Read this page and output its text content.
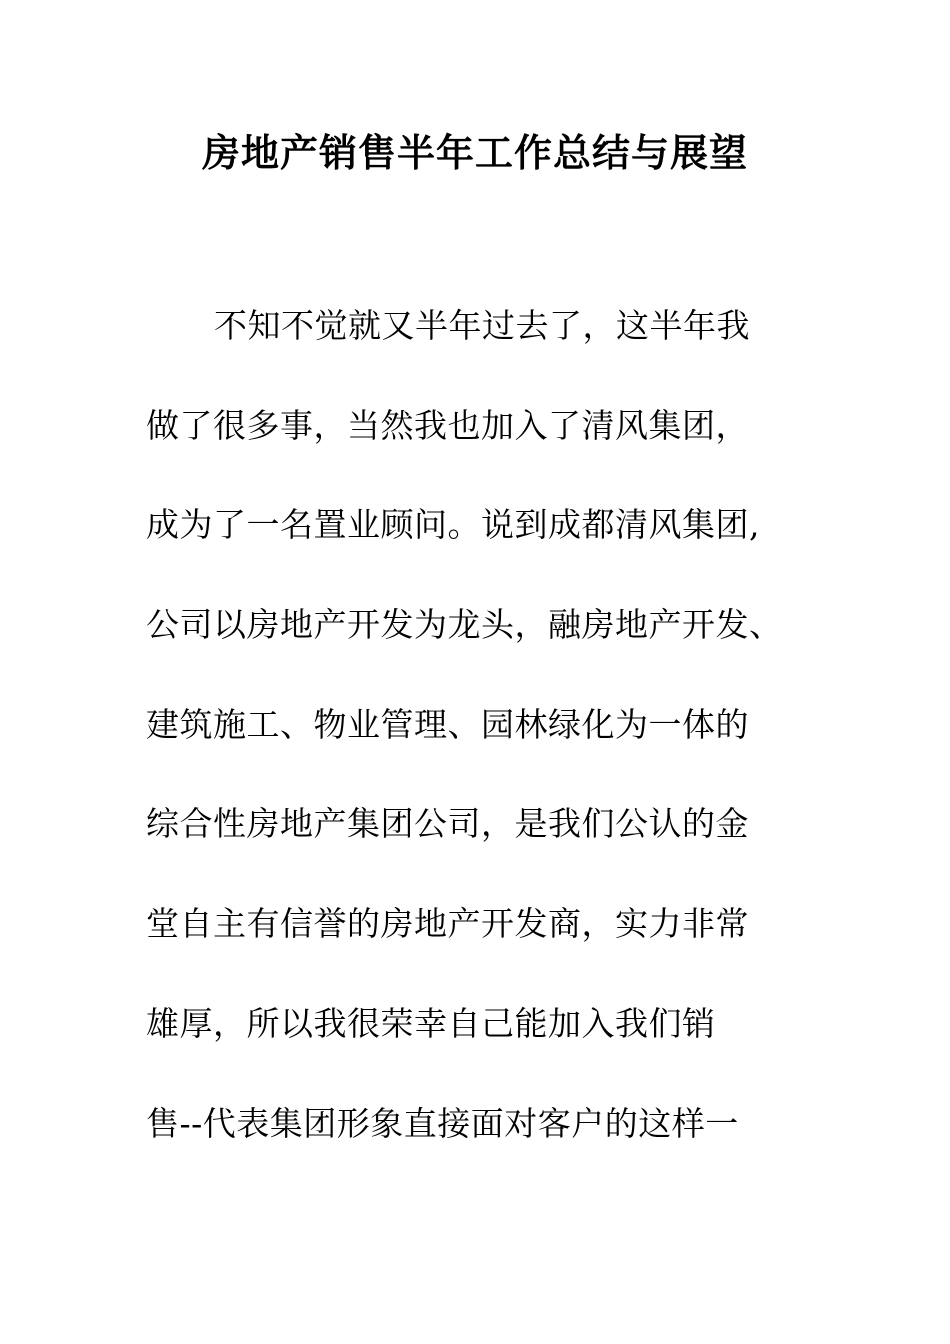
房地产销售半年工作总结与展望
不知不觉就又半年过去了，这半年我
做了很多事，当然我也加入了清风集团，
成为了一名置业顾问。说到成都清风集团,
公司以房地产开发为龙头，融房地产开发、
建筑施工、物业管理、园林绿化为一体的
综合性房地产集团公司，是我们公认的金
堂自主有信誉的房地产开发商，实力非常
雄厚，所以我很荣幸自己能加入我们销
售--代表集团形象直接面对客户的这样一
